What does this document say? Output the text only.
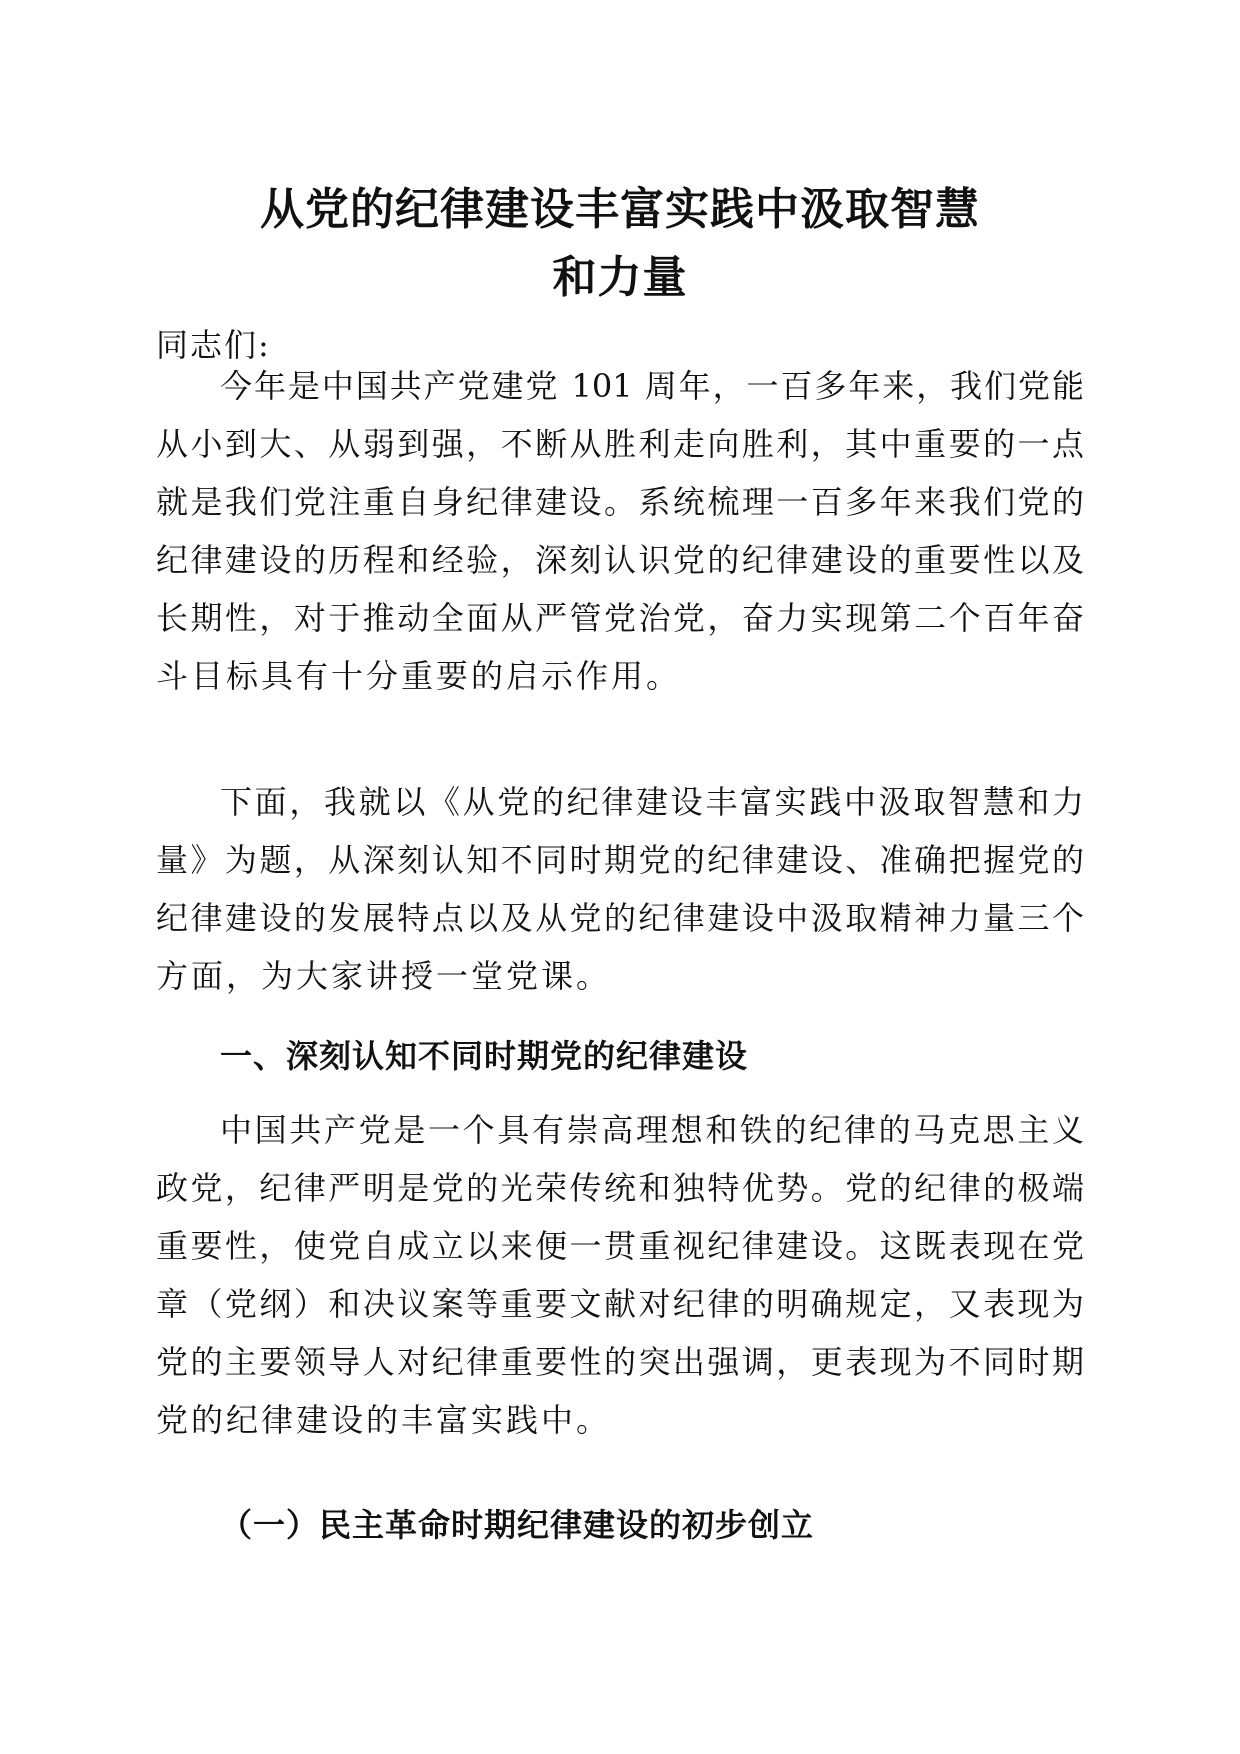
从党的纪律建设丰富实践中汲取智慧
和力量
同志们:
今年是中国共产党建党 101 周年，一百多年来，我们党能
从小到大、从弱到强，不断从胜利走向胜利，其中重要的一点
就是我们党注重自身纪律建设。系统梳理一百多年来我们党的
纪律建设的历程和经验，深刻认识党的纪律建设的重要性以及
长期性，对于推动全面从严管党治党，奋力实现第二个百年奋
斗目标具有十分重要的启示作用。
下面，我就以《从党的纪律建设丰富实践中汲取智慧和力
量》为题，从深刻认知不同时期党的纪律建设、准确把握党的
纪律建设的发展特点以及从党的纪律建设中汲取精神力量三个
方面，为大家讲授一堂党课。
一、深刻认知不同时期党的纪律建设
中国共产党是一个具有崇高理想和铁的纪律的马克思主义
政党，纪律严明是党的光荣传统和独特优势。党的纪律的极端
重要性，使党自成立以来便一贯重视纪律建设。这既表现在党
章（党纲）和决议案等重要文献对纪律的明确规定，又表现为
党的主要领导人对纪律重要性的突出强调，更表现为不同时期
党的纪律建设的丰富实践中。
（一）民主革命时期纪律建设的初步创立
